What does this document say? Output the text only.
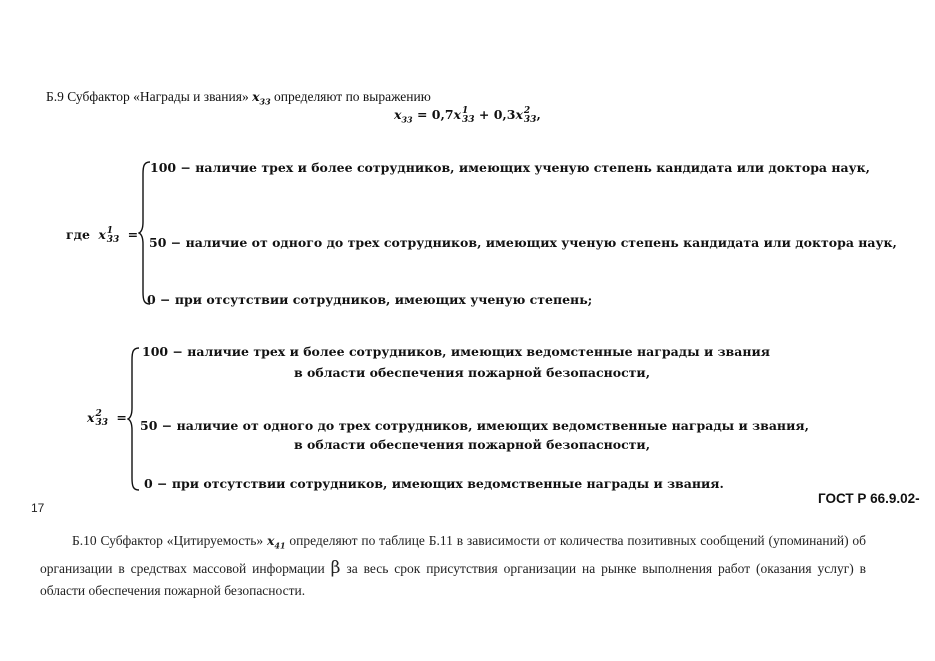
Б.9 Субфактор «Награды и звания» $x_{33}$ определяют по выражению
$x_{33} = 0,7x$ 1
33 + 0,3x 2
33 ,
где x 1
33 =
100 − наличие трех и более сотрудников, имеющих ученую степень кандидата или доктора наук,
50 − наличие от одного до трех сотрудников, имеющих ученую степень кандидата или доктора наук,
0 − при отсутствии сотрудников, имеющих ученую степень;
x 2
33 =
100 − наличие трех и более сотрудников, имеющих ведомстенные награды и звания
в области обеспечения пожарной безопасности,
50 − наличие от одного до трех сотрудников, имеющих ведомственные награды и звания,
в области обеспечения пожарной безопасности,
0 − при отсутствии сотрудников, имеющих ведомственные награды и звания.
17
ГОСТ Р 66.9.02-
Б.10 Субфактор «Цитируемость» $x_{41}$ определяют по таблице Б.11 в зависимости от количества позитивных сообщений (упоминаний) об организации в средствах массовой информации β за весь срок присутствия организации на рынке выполнения работ (оказания услуг) в области обеспечения пожарной безопасности.
